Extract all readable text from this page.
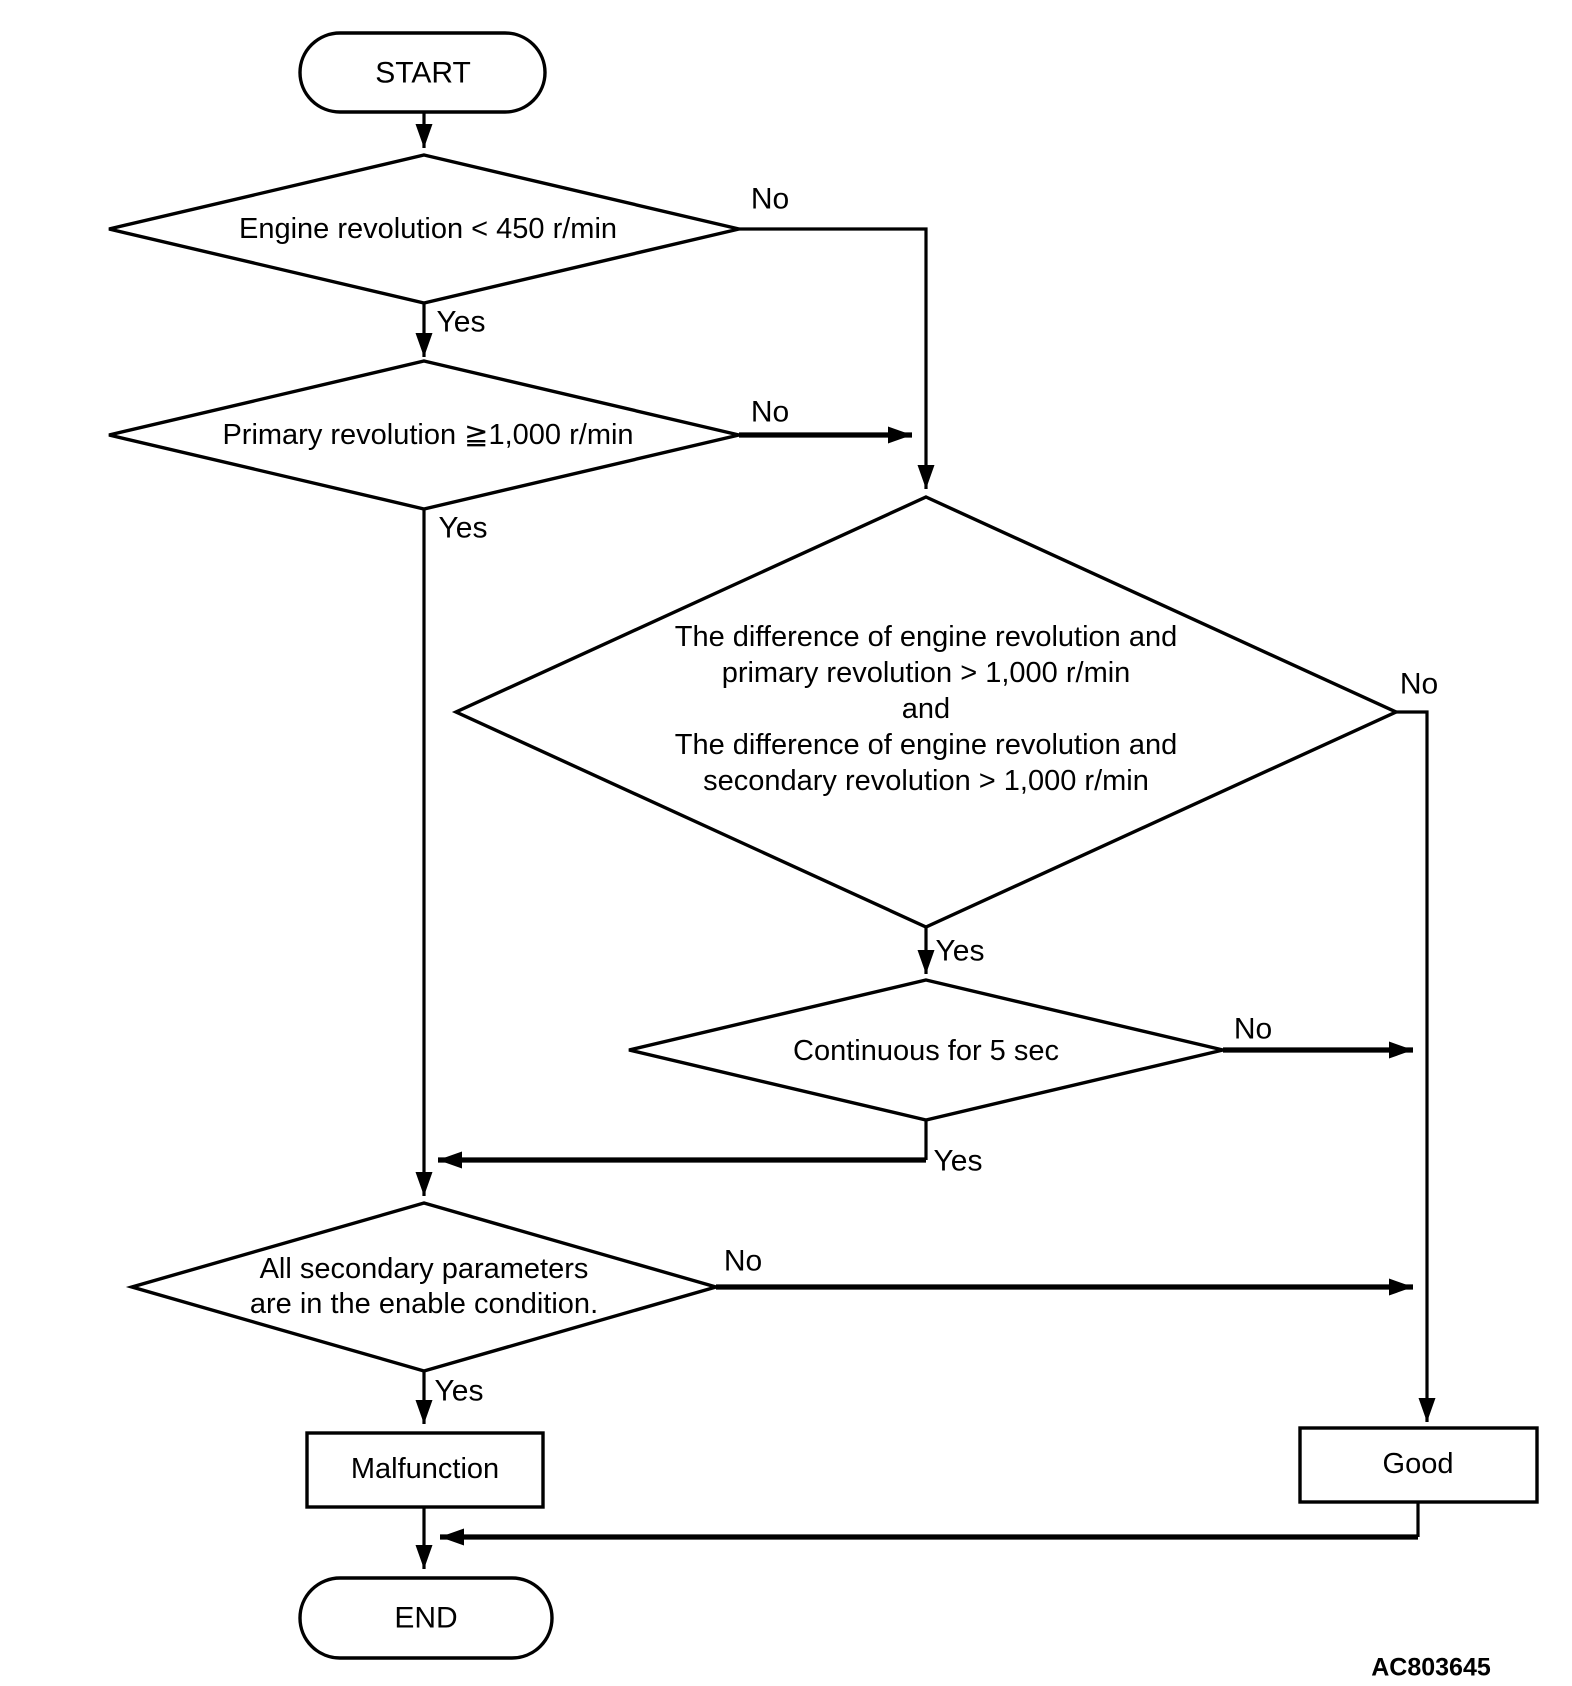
START
Engine revolution < 450 r/min
Primary revolution ≧1,000 r/min
The difference of engine revolution and
primary revolution > 1,000 r/min
and
The difference of engine revolution and
secondary revolution > 1,000 r/min
Continuous for 5 sec
All secondary parameters
are in the enable condition.
Malfunction	Good
END
Yes
No
Yes
No
Yes
No
Yes
No
Yes
No
AC803645
